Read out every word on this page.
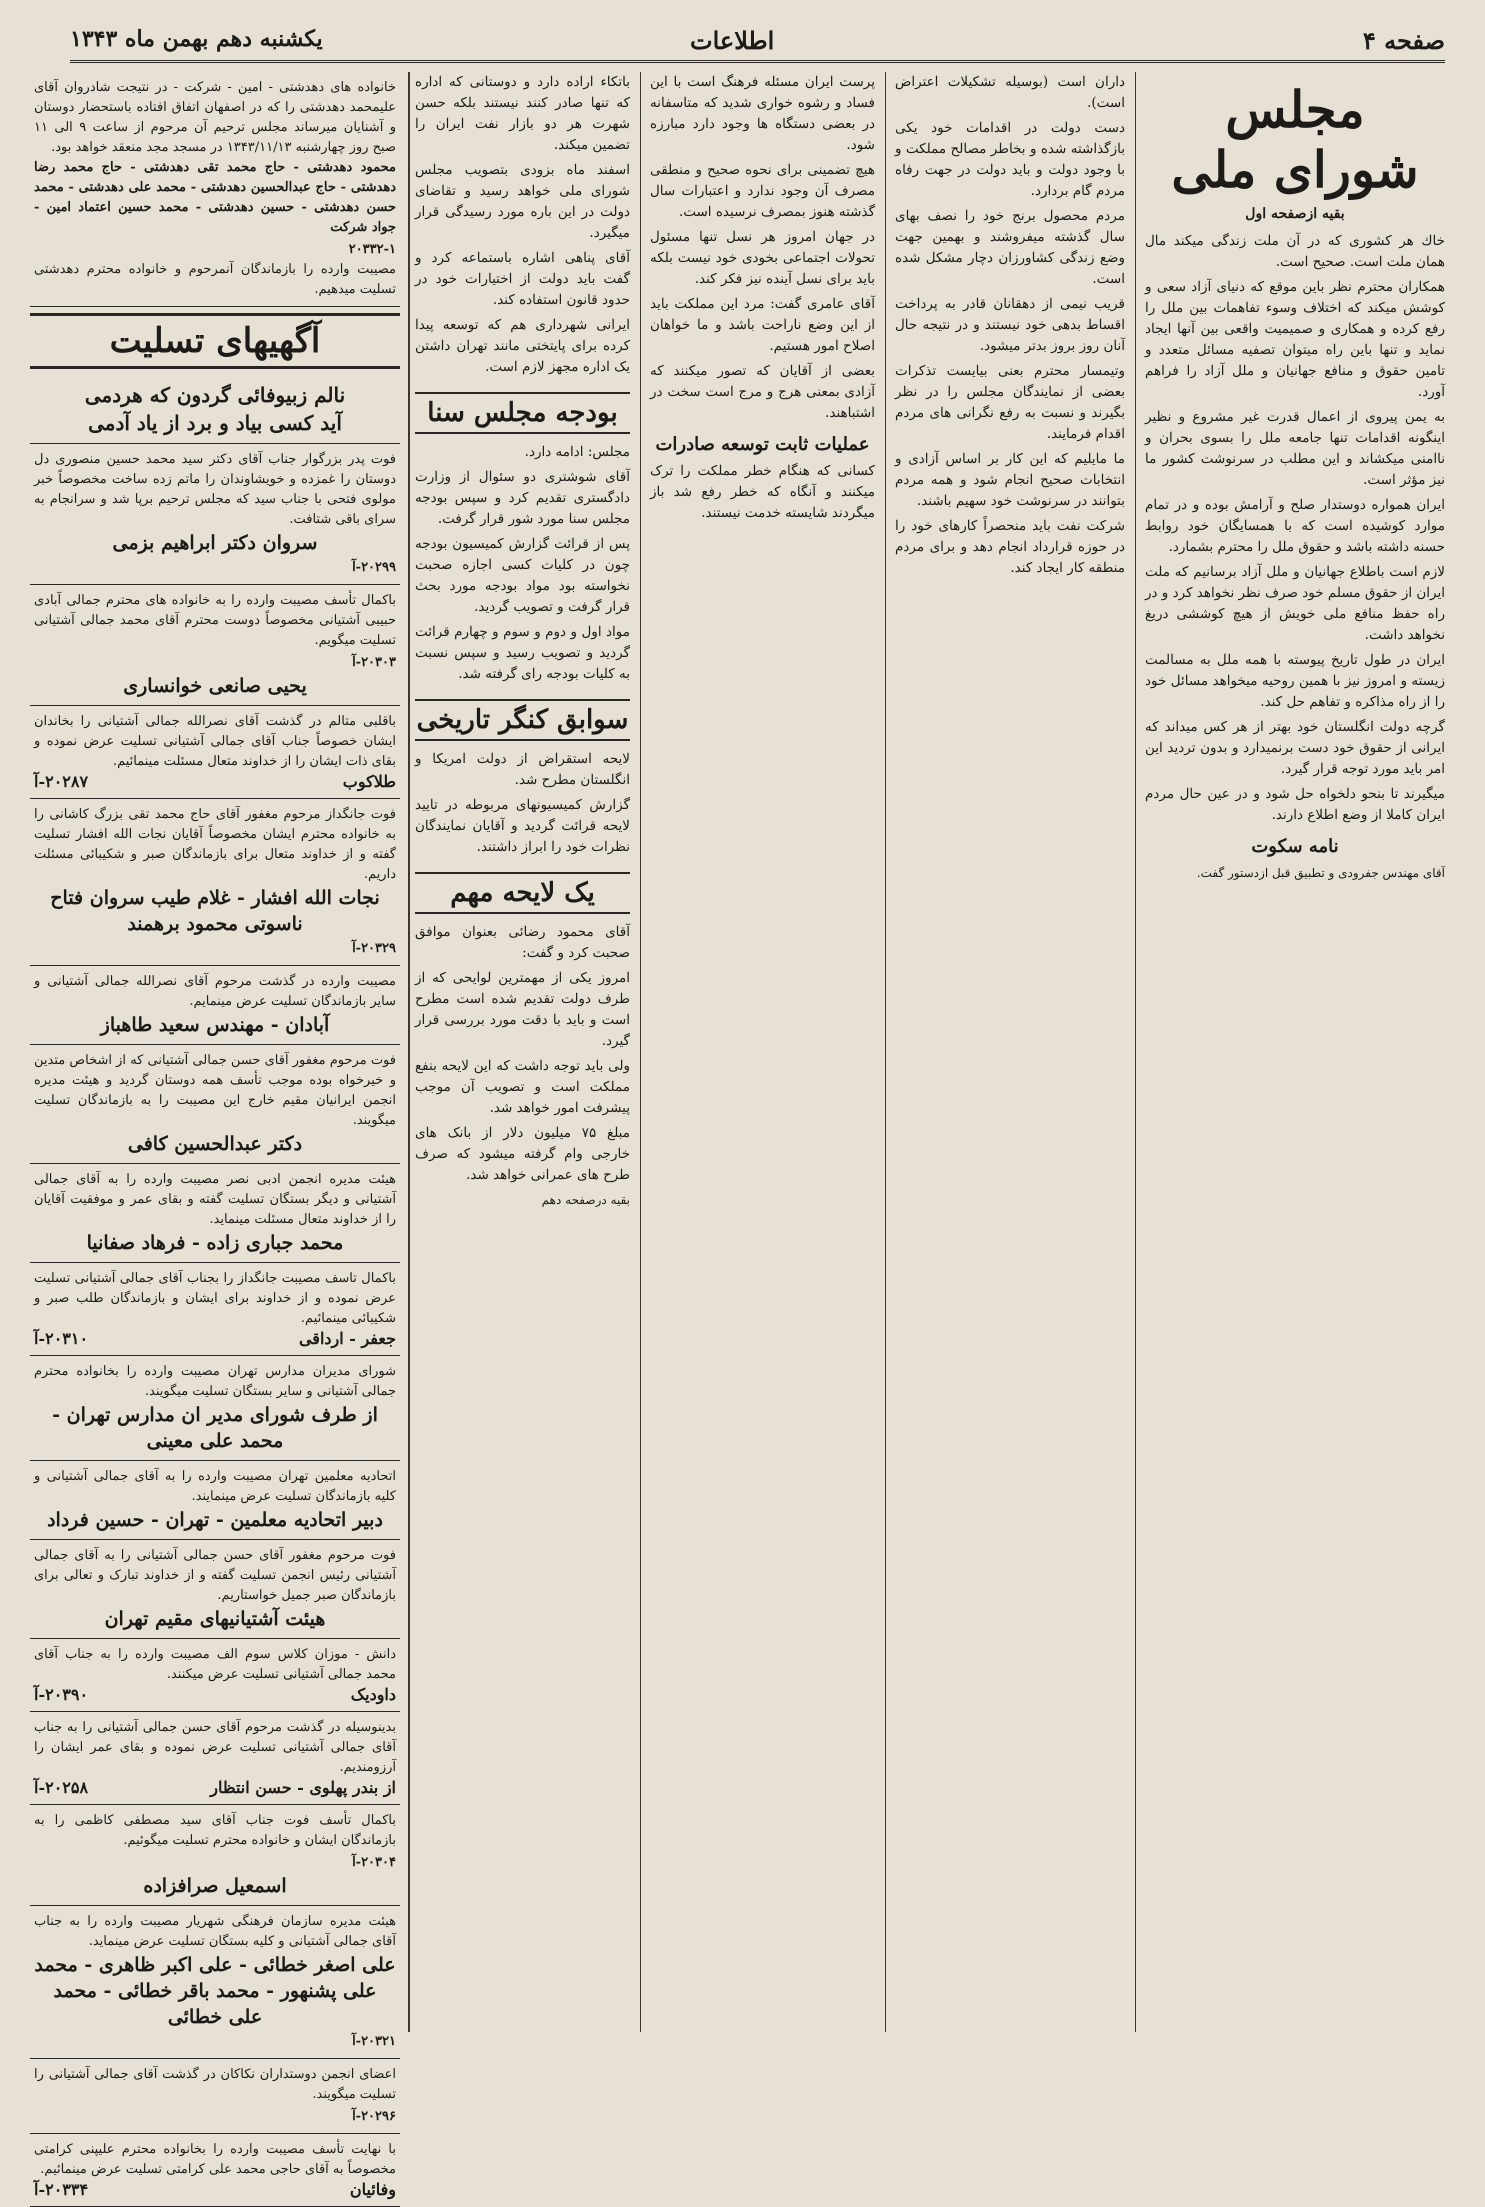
صفحه ۴
اطلاعات
یکشنبه دهم بهمن ماه ۱۳۴۳
مجلس شورای ملی
بقیه ازصفحه اول

خاك هر کشوری که در آن ملت زندگی میکند مال همان ملت است. صحیح است.

همکاران محترم نظر باین موقع که دنیای آزاد سعی و کوشش میکند که اختلاف وسوء تفاهمات بین ملل را رفع کرده و همکاری و صمیمیت واقعی بین آنها ایجاد نماید و تنها باین راه میتوان تصفیه مسائل متعدد و تامین حقوق و منافع جهانیان و ملل آزاد را فراهم آورد.

به یمن پیروی از اعمال قدرت غیر مشروع و نظیر اینگونه اقدامات تنها جامعه ملل را بسوی بحران و ناامنی میکشاند و این مطلب در سرنوشت کشور ما نیز مؤثر است.

ایران همواره دوستدار صلح و آرامش بوده و در تمام موارد کوشیده است که با همسایگان خود روابط حسنه داشته باشد و حقوق ملل را محترم بشمارد.

لازم است باطلاع جهانیان و ملل آزاد برسانیم که ملت ایران از حقوق مسلم خود صرف نظر نخواهد کرد و در راه حفظ منافع ملی خویش از هیچ کوششی دریغ نخواهد داشت.

ایران در طول تاریخ پیوسته با همه ملل به مسالمت زیسته و امروز نیز با همین روحیه میخواهد مسائل خود را از راه مذاکره و تفاهم حل کند.

گرچه دولت انگلستان خود بهتر از هر کس میداند که ایرانی از حقوق خود دست برنمیدارد و بدون تردید این امر باید مورد توجه قرار گیرد.

میگیرند تا بنحو دلخواه حل شود و در عین حال مردم ایران کاملا از وضع اطلاع دارند.

نامه سکوت

آقای مهندس جفرودی و تطبیق قبل ازدستور گفت.

داران است (بوسیله تشکیلات اعتراض است).

دست دولت در اقدامات خود یکی بازگذاشته شده و بخاطر مصالح مملکت و با وجود دولت و باید دولت در جهت رفاه مردم گام بردارد.

مردم محصول برنج خود را نصف بهای سال گذشته میفروشند و بهمین جهت وضع زندگی کشاورزان دچار مشکل شده است.

قریب نیمی از دهقانان قادر به پرداخت اقساط بدهی خود نیستند و در نتیجه حال آنان روز بروز بدتر میشود.

وتیمسار محترم بعنی بیایست تذکرات بعضی از نمایندگان مجلس را در نظر بگیرند و نسبت به رفع نگرانی های مردم اقدام فرمایند.

ما مایلیم که این کار بر اساس آزادی و انتخابات صحیح انجام شود و همه مردم بتوانند در سرنوشت خود سهیم باشند.

شرکت نفت باید منحصراً کارهای خود را در حوزه قرارداد انجام دهد و برای مردم منطقه کار ایجاد کند.

پرست ایران مسئله فرهنگ است با این فساد و رشوه خواری شدید که متاسفانه در بعضی دستگاه ها وجود دارد مبارزه شود.

هیچ تضمینی برای نحوه صحیح و منطقی مصرف آن وجود ندارد و اعتبارات سال گذشته هنوز بمصرف نرسیده است.

در جهان امروز هر نسل تنها مسئول تحولات اجتماعی بخودی خود نیست بلکه باید برای نسل آینده نیز فکر کند.

آقای عامری گفت: مرد این مملکت باید از این وضع ناراحت باشد و ما خواهان اصلاح امور هستیم.

بعضی از آقایان که تصور میکنند که آزادی بمعنی هرج و مرج است سخت در اشتباهند.

عملیات ثابت توسعه صادرات

کسانی که هنگام خطر مملکت را ترک میکنند و آنگاه که خطر رفع شد باز میگردند شایسته خدمت نیستند.

باتکاء اراده دارد و دوستانی که اداره که تنها صادر کنند نیستند بلکه حسن شهرت هر دو بازار نفت ایران را تضمین میکند.

اسفند ماه بزودی بتصویب مجلس شورای ملی خواهد رسید و تقاضای دولت در این باره مورد رسیدگی قرار میگیرد.

آقای پناهی اشاره باستماعه کرد و گفت باید دولت از اختیارات خود در حدود قانون استفاده کند.

ایرانی شهرداری هم که توسعه پیدا کرده برای پایتختی مانند تهران داشتن یک اداره مجهز لازم است.

بودجه مجلس سنا

مجلس: ادامه دارد.

آقای شوشتری دو سئوال از وزارت دادگستری تقدیم کرد و سپس بودجه مجلس سنا مورد شور قرار گرفت.

پس از قرائت گزارش کمیسیون بودجه چون در کلیات کسی اجازه صحبت نخواسته بود مواد بودجه مورد بحث قرار گرفت و تصویب گردید.

مواد اول و دوم و سوم و چهارم قرائت گردید و تصویب رسید و سپس نسبت به کلیات بودجه رای گرفته شد.

سوابق کنگر تاریخی

لایحه استقراض از دولت امریکا و انگلستان مطرح شد.

گزارش کمیسیونهای مربوطه در تایید لایحه قرائت گردید و آقایان نمایندگان نظرات خود را ابراز داشتند.

یک لایحه مهم

آقای محمود رضائی بعنوان موافق صحبت کرد و گفت:

امروز یکی از مهمترین لوایحی که از طرف دولت تقدیم شده است مطرح است و باید با دقت مورد بررسی قرار گیرد.

ولی باید توجه داشت که این لایحه بنفع مملکت است و تصویب آن موجب پیشرفت امور خواهد شد.

مبلغ ۷۵ میلیون دلار از بانک های خارجی وام گرفته میشود که صرف طرح های عمرانی خواهد شد.

بقیه درصفحه دهم

خانواده های دهدشتی - امین - شرکت - در نتیجت شادروان آقای علیمحمد دهدشتی را که در اصفهان اتفاق افتاده باستحضار دوستان و آشنایان میرساند مجلس ترحیم آن مرحوم از ساعت ۹ الی ۱۱ صبح روز چهارشنبه ۱۳۴۳/۱۱/۱۳ در مسجد مجد منعقد خواهد بود.
محمود دهدشتی - حاج محمد تقی دهدشتی - حاج محمد رضا دهدشتی - حاج عبدالحسین دهدشتی - محمد علی دهدشتی - محمد حسن دهدشتی - حسین دهدشتی - محمد حسین اعتماد امین - جواد شرکت
۲۰۳۳۲-۱
مصیبت وارده را بازماندگان آنمرحوم و خانواده محترم دهدشتی تسلیت میدهیم.
آگهیهای تسلیت
نالم زبیوفائی گردون که هردمی
آید کسی بیاد و برد از یاد آدمی
فوت پدر بزرگوار جناب آقای دکتر سید محمد حسین منصوری دل دوستان را غمزده و خویشاوندان را ماتم زده ساخت مخصوصاً خبر مولوی فتحی با جناب سید که مجلس ترحیم برپا شد و سرانجام به سرای باقی شتافت.
سروان دکتر ابراهیم بزمی
۲۰۲۹۹-آ
باکمال تأسف مصیبت وارده را به خانواده های محترم جمالی آبادی حبیبی آشتیانی مخصوصاً دوست محترم آقای محمد جمالی آشتیانی تسلیت میگویم.
۲۰۳۰۳-آ
یحیی صانعی خوانساری
باقلبی متالم در گذشت آقای نصرالله جمالی آشتیانی را بخاندان ایشان خصوصاً جناب آقای جمالی آشتیانی تسلیت عرض نموده و بقای ذات ایشان را از خداوند متعال مسئلت مینمائیم.
طلاکوب
۲۰۲۸۷-آ
فوت جانگداز مرحوم مغفور آقای حاج محمد تقی بزرگ کاشانی را به خانواده محترم ایشان مخصوصاً آقایان نجات الله افشار تسلیت گفته و از خداوند متعال برای بازماندگان صبر و شکیبائی مسئلت داریم.
نجات الله افشار - غلام طیب سروان فتاح ناسوتی محمود برهمند
۲۰۳۲۹-آ
مصیبت وارده در گذشت مرحوم آقای نصرالله جمالی آشتیانی و سایر بازماندگان تسلیت عرض مینمایم.
آبادان - مهندس سعید طاهباز
فوت مرحوم مغفور آقای حسن جمالی آشتیانی که از اشخاص متدین و خیرخواه بوده موجب تأسف همه دوستان گردید و هیئت مدیره انجمن ایرانیان مقیم خارج این مصیبت را به بازماندگان تسلیت میگویند.
دکتر عبدالحسین کافی
هیئت مدیره انجمن ادبی نصر مصیبت وارده را به آقای جمالی آشتیانی و دیگر بستگان تسلیت گفته و بقای عمر و موفقیت آقایان را از خداوند متعال مسئلت مینماید.
محمد جباری زاده - فرهاد صفانیا
باکمال تاسف مصیبت جانگداز را بجناب آقای جمالی آشتیانی تسلیت عرض نموده و از خداوند برای ایشان و بازماندگان طلب صبر و شکیبائی مینمائیم.
جعفر - ارداقی
۲۰۳۱۰-آ
شورای مدیران مدارس تهران مصیبت وارده را بخانواده محترم جمالی آشتیانی و سایر بستگان تسلیت میگویند.
از طرف شورای مدیر ان مدارس تهران - محمد علی معینی
اتحادیه معلمین تهران مصیبت وارده را به آقای جمالی آشتیانی و کلیه بازماندگان تسلیت عرض مینمایند.
دبیر اتحادیه معلمین - تهران - حسین فرداد
فوت مرحوم مغفور آقای حسن جمالی آشتیانی را به آقای جمالی آشتیانی رئیس انجمن تسلیت گفته و از خداوند تبارک و تعالی برای بازماندگان صبر جمیل خواستاریم.
هیئت آشتیانیهای مقیم تهران
دانش - موزان کلاس سوم الف مصیبت وارده را به جناب آقای محمد جمالی آشتیانی تسلیت عرض میکنند.
داودیک
۲۰۳۹۰-آ
بدینوسیله در گذشت مرحوم آقای حسن جمالی آشتیانی را به جناب آقای جمالی آشتیانی تسلیت عرض نموده و بقای عمر ایشان را آرزومندیم.
از بندر پهلوی - حسن انتظار
۲۰۲۵۸-آ
باکمال تأسف فوت جناب آقای سید مصطفی کاظمی را به بازماندگان ایشان و خانواده محترم تسلیت میگوئیم.
۲۰۳۰۴-آ
اسمعیل صرافزاده
هیئت مدیره سازمان فرهنگی شهریار مصیبت وارده را به جناب آقای جمالی آشتیانی و کلیه بستگان تسلیت عرض مینماید.
علی اصغر خطائی - علی اکبر ظاهری - محمد علی پشنهور - محمد باقر خطائی - محمد علی خطائی
۲۰۳۲۱-آ
اعضای انجمن دوستداران نکاکان در گذشت آقای جمالی آشتیانی را تسلیت میگویند.
۲۰۲۹۶-آ
با نهایت تأسف مصیبت وارده را بخانواده محترم علیپنی کرامتی مخصوصاً به آقای حاجی محمد علی کرامتی تسلیت عرض مینمائیم.
وفائیان
۲۰۳۳۴-آ
